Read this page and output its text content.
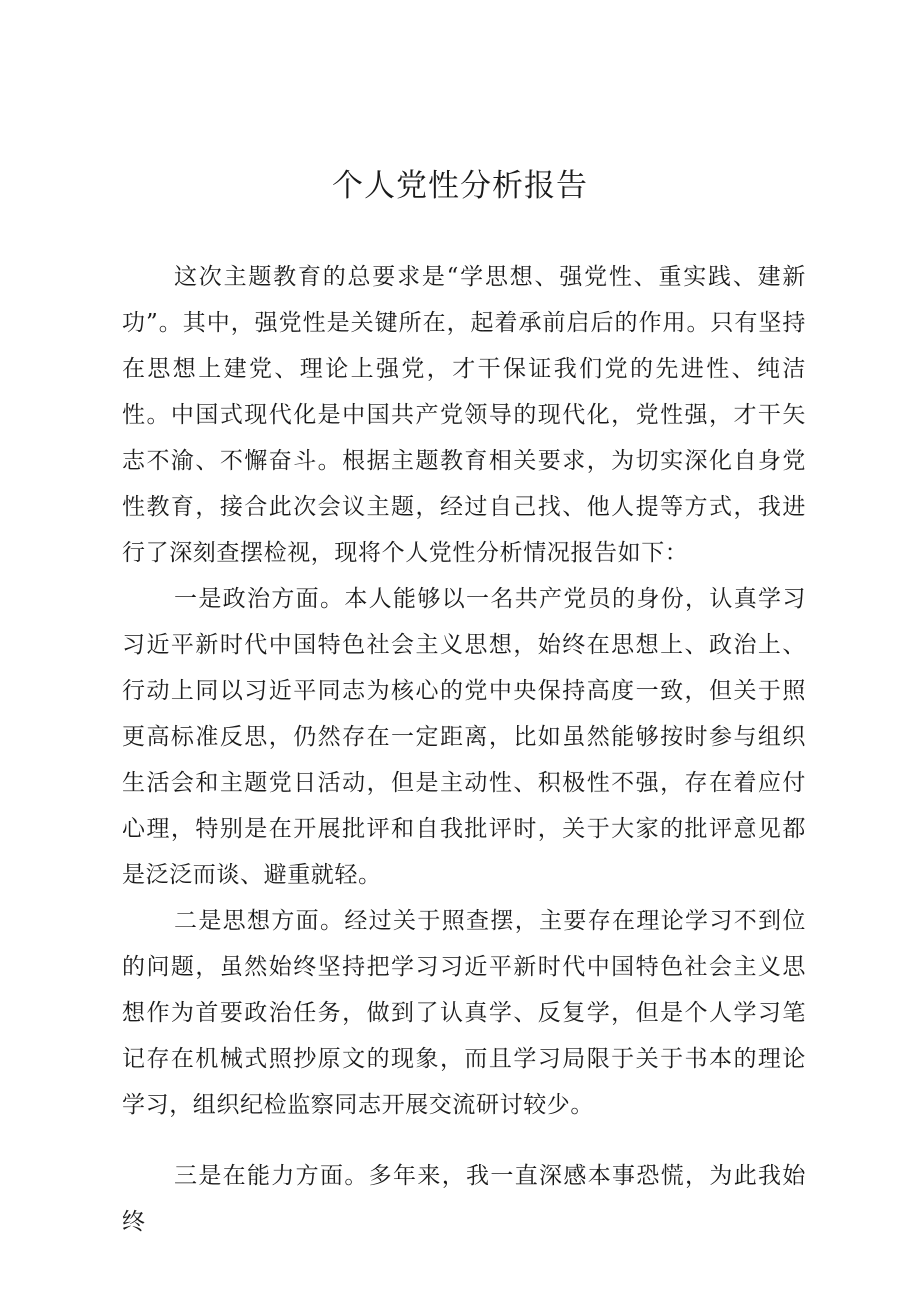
个人党性分析报告

这次主题教育的总要求是“学思想、强党性、重实践、建新功”。其中，强党性是关键所在，起着承前启后的作用。只有坚持在思想上建党、理论上强党，才干保证我们党的先进性、纯洁性。中国式现代化是中国共产党领导的现代化，党性强，才干矢志不渝、不懈奋斗。根据主题教育相关要求，为切实深化自身党性教育，接合此次会议主题，经过自己找、他人提等方式，我进行了深刻查摆检视，现将个人党性分析情况报告如下：

一是政治方面。本人能够以一名共产党员的身份，认真学习习近平新时代中国特色社会主义思想，始终在思想上、政治上、行动上同以习近平同志为核心的党中央保持高度一致，但关于照更高标准反思，仍然存在一定距离，比如虽然能够按时参与组织生活会和主题党日活动，但是主动性、积极性不强，存在着应付心理，特别是在开展批评和自我批评时，关于大家的批评意见都是泛泛而谈、避重就轻。

二是思想方面。经过关于照查摆，主要存在理论学习不到位的问题，虽然始终坚持把学习习近平新时代中国特色社会主义思想作为首要政治任务，做到了认真学、反复学，但是个人学习笔记存在机械式照抄原文的现象，而且学习局限于关于书本的理论学习，组织纪检监察同志开展交流研讨较少。

三是在能力方面。多年来，我一直深感本事恐慌，为此我始终
